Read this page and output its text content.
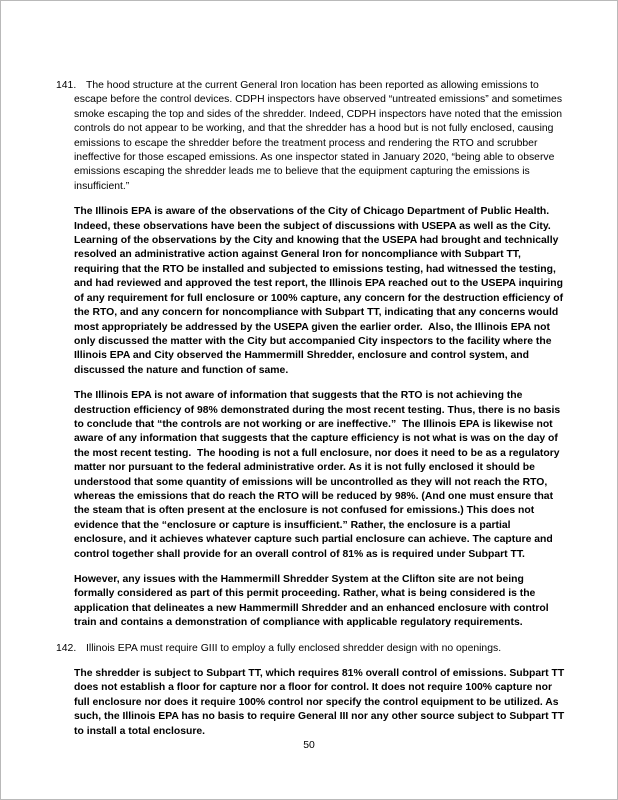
141. The hood structure at the current General Iron location has been reported as allowing emissions to escape before the control devices. CDPH inspectors have observed “untreated emissions” and sometimes smoke escaping the top and sides of the shredder. Indeed, CDPH inspectors have noted that the emission controls do not appear to be working, and that the shredder has a hood but is not fully enclosed, causing emissions to escape the shredder before the treatment process and rendering the RTO and scrubber ineffective for those escaped emissions. As one inspector stated in January 2020, “being able to observe emissions escaping the shredder leads me to believe that the equipment capturing the emissions is insufficient.”

The Illinois EPA is aware of the observations of the City of Chicago Department of Public Health. Indeed, these observations have been the subject of discussions with USEPA as well as the City. Learning of the observations by the City and knowing that the USEPA had brought and technically resolved an administrative action against General Iron for noncompliance with Subpart TT, requiring that the RTO be installed and subjected to emissions testing, had witnessed the testing, and had reviewed and approved the test report, the Illinois EPA reached out to the USEPA inquiring of any requirement for full enclosure or 100% capture, any concern for the destruction efficiency of the RTO, and any concern for noncompliance with Subpart TT, indicating that any concerns would most appropriately be addressed by the USEPA given the earlier order.  Also, the Illinois EPA not only discussed the matter with the City but accompanied City inspectors to the facility where the Illinois EPA and City observed the Hammermill Shredder, enclosure and control system, and discussed the nature and function of same.

The Illinois EPA is not aware of information that suggests that the RTO is not achieving the destruction efficiency of 98% demonstrated during the most recent testing. Thus, there is no basis to conclude that “the controls are not working or are ineffective.”  The Illinois EPA is likewise not aware of any information that suggests that the capture efficiency is not what is was on the day of the most recent testing.  The hooding is not a full enclosure, nor does it need to be as a regulatory matter nor pursuant to the federal administrative order. As it is not fully enclosed it should be understood that some quantity of emissions will be uncontrolled as they will not reach the RTO, whereas the emissions that do reach the RTO will be reduced by 98%. (And one must ensure that the steam that is often present at the enclosure is not confused for emissions.) This does not evidence that the “enclosure or capture is insufficient.” Rather, the enclosure is a partial enclosure, and it achieves whatever capture such partial enclosure can achieve. The capture and control together shall provide for an overall control of 81% as is required under Subpart TT.

However, any issues with the Hammermill Shredder System at the Clifton site are not being formally considered as part of this permit proceeding. Rather, what is being considered is the application that delineates a new Hammermill Shredder and an enhanced enclosure with control train and contains a demonstration of compliance with applicable regulatory requirements.

142. Illinois EPA must require GIII to employ a fully enclosed shredder design with no openings.

The shredder is subject to Subpart TT, which requires 81% overall control of emissions. Subpart TT does not establish a floor for capture nor a floor for control. It does not require 100% capture nor full enclosure nor does it require 100% control nor specify the control equipment to be utilized. As such, the Illinois EPA has no basis to require General III nor any other source subject to Subpart TT to install a total enclosure.

50
